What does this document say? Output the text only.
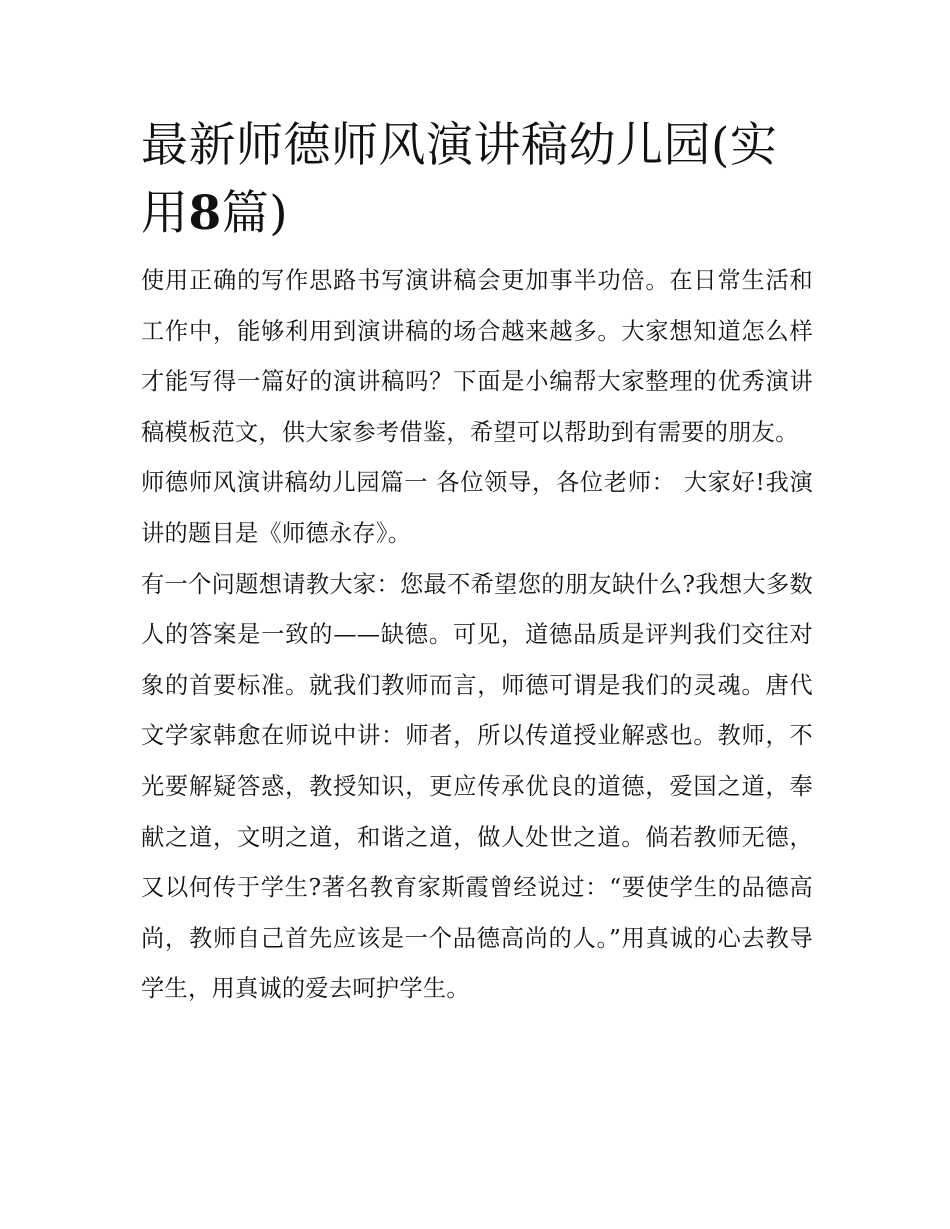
最新师德师风演讲稿幼儿园(实用8篇)

使用正确的写作思路书写演讲稿会更加事半功倍。在日常生活和工作中，能够利用到演讲稿的场合越来越多。大家想知道怎么样才能写得一篇好的演讲稿吗？下面是小编帮大家整理的优秀演讲稿模板范文，供大家参考借鉴，希望可以帮助到有需要的朋友。

师德师风演讲稿幼儿园篇一 各位领导，各位老师： 大家好!我演讲的题目是《师德永存》。

有一个问题想请教大家：您最不希望您的朋友缺什么?我想大多数人的答案是一致的——缺德。可见，道德品质是评判我们交往对象的首要标准。就我们教师而言，师德可谓是我们的灵魂。唐代文学家韩愈在师说中讲：师者，所以传道授业解惑也。教师，不光要解疑答惑，教授知识，更应传承优良的道德，爱国之道，奉献之道，文明之道，和谐之道，做人处世之道。倘若教师无德，又以何传于学生?著名教育家斯霞曾经说过：“要使学生的品德高尚，教师自己首先应该是一个品德高尚的人。”用真诚的心去教导学生，用真诚的爱去呵护学生。
